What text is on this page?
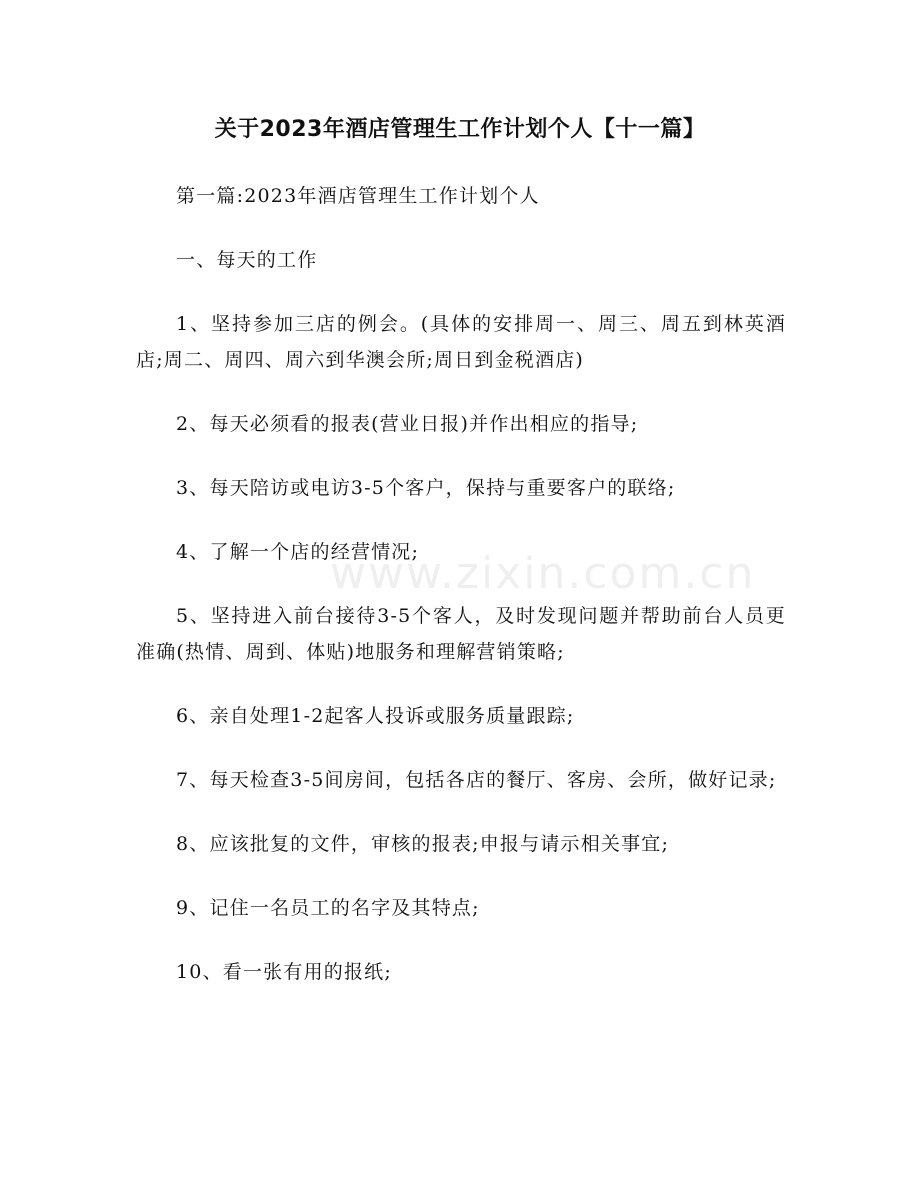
关于2023年酒店管理生工作计划个人【十一篇】
www.zixin.com.cn

第一篇:2023年酒店管理生工作计划个人

一、每天的工作

1、坚持参加三店的例会。(具体的安排周一、周三、周五到林英酒店;周二、周四、周六到华澳会所;周日到金税酒店)

2、每天必须看的报表(营业日报)并作出相应的指导;

3、每天陪访或电访3-5个客户，保持与重要客户的联络;

4、了解一个店的经营情况;

5、坚持进入前台接待3-5个客人，及时发现问题并帮助前台人员更准确(热情、周到、体贴)地服务和理解营销策略;

6、亲自处理1-2起客人投诉或服务质量跟踪;

7、每天检查3-5间房间，包括各店的餐厅、客房、会所，做好记录;

8、应该批复的文件，审核的报表;申报与请示相关事宜;

9、记住一名员工的名字及其特点;

10、看一张有用的报纸;
